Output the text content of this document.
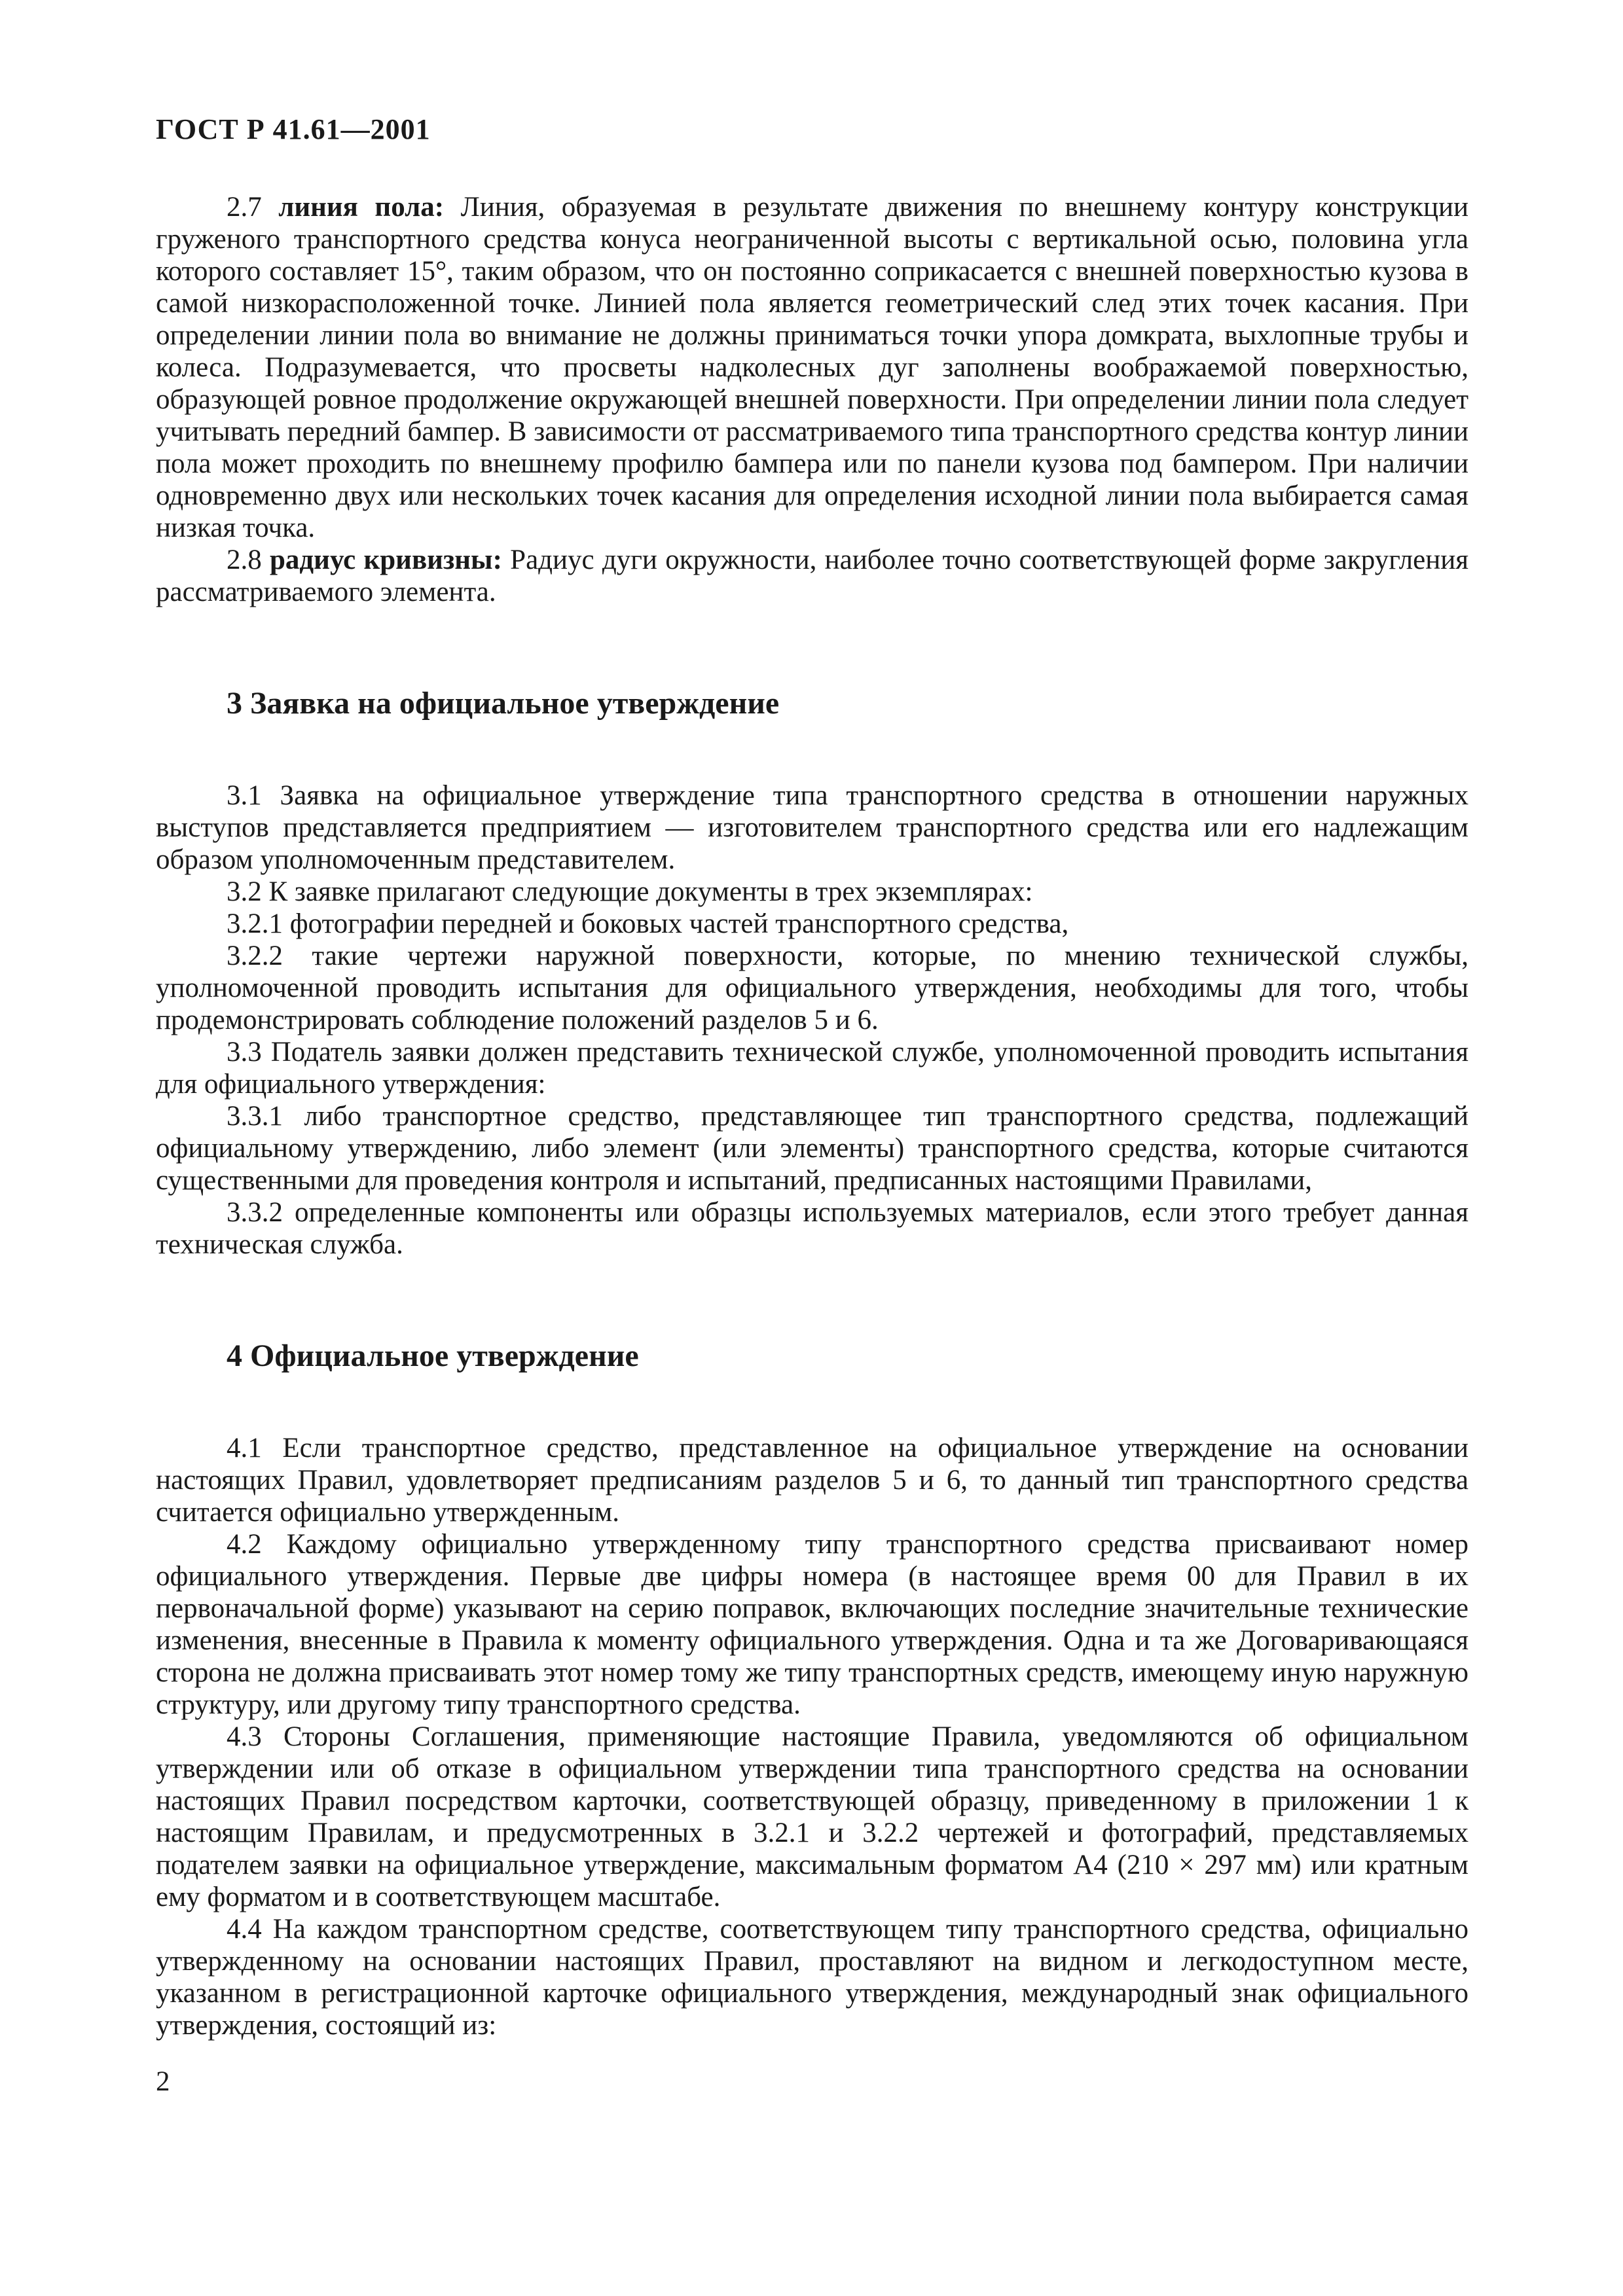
ГОСТ Р 41.61—2001

2.7 линия пола: Линия, образуемая в результате движения по внешнему контуру конструкции груженого транспортного средства конуса неограниченной высоты с вертикальной осью, половина угла которого составляет 15°, таким образом, что он постоянно соприкасается с внешней поверхностью кузова в самой низкорасположенной точке. Линией пола является геометрический след этих точек касания. При определении линии пола во внимание не должны приниматься точки упора домкрата, выхлопные трубы и колеса. Подразумевается, что просветы надколесных дуг заполнены воображаемой поверхностью, образующей ровное продолжение окружающей внешней поверхности. При определении линии пола следует учитывать передний бампер. В зависимости от рассматриваемого типа транспортного средства контур линии пола может проходить по внешнему профилю бампера или по панели кузова под бампером. При наличии одновременно двух или нескольких точек касания для определения исходной линии пола выбирается самая низкая точка.

2.8 радиус кривизны: Радиус дуги окружности, наиболее точно соответствующей форме закругления рассматриваемого элемента.

3 Заявка на официальное утверждение

3.1 Заявка на официальное утверждение типа транспортного средства в отношении наружных выступов представляется предприятием — изготовителем транспортного средства или его надлежащим образом уполномоченным представителем.

3.2 К заявке прилагают следующие документы в трех экземплярах:

3.2.1 фотографии передней и боковых частей транспортного средства,

3.2.2 такие чертежи наружной поверхности, которые, по мнению технической службы, уполномоченной проводить испытания для официального утверждения, необходимы для того, чтобы продемонстрировать соблюдение положений разделов 5 и 6.

3.3 Податель заявки должен представить технической службе, уполномоченной проводить испытания для официального утверждения:

3.3.1 либо транспортное средство, представляющее тип транспортного средства, подлежащий официальному утверждению, либо элемент (или элементы) транспортного средства, которые считаются существенными для проведения контроля и испытаний, предписанных настоящими Правилами,

3.3.2 определенные компоненты или образцы используемых материалов, если этого требует данная техническая служба.

4 Официальное утверждение

4.1 Если транспортное средство, представленное на официальное утверждение на основании настоящих Правил, удовлетворяет предписаниям разделов 5 и 6, то данный тип транспортного средства считается официально утвержденным.

4.2 Каждому официально утвержденному типу транспортного средства присваивают номер официального утверждения. Первые две цифры номера (в настоящее время 00 для Правил в их первоначальной форме) указывают на серию поправок, включающих последние значительные технические изменения, внесенные в Правила к моменту официального утверждения. Одна и та же Договаривающаяся сторона не должна присваивать этот номер тому же типу транспортных средств, имеющему иную наружную структуру, или другому типу транспортного средства.

4.3 Стороны Соглашения, применяющие настоящие Правила, уведомляются об официальном утверждении или об отказе в официальном утверждении типа транспортного средства на основании настоящих Правил посредством карточки, соответствующей образцу, приведенному в приложении 1 к настоящим Правилам, и предусмотренных в 3.2.1 и 3.2.2 чертежей и фотографий, представляемых подателем заявки на официальное утверждение, максимальным форматом А4 (210 × 297 мм) или кратным ему форматом и в соответствующем масштабе.

4.4 На каждом транспортном средстве, соответствующем типу транспортного средства, официально утвержденному на основании настоящих Правил, проставляют на видном и легкодоступном месте, указанном в регистрационной карточке официального утверждения, международный знак официального утверждения, состоящий из:

2
